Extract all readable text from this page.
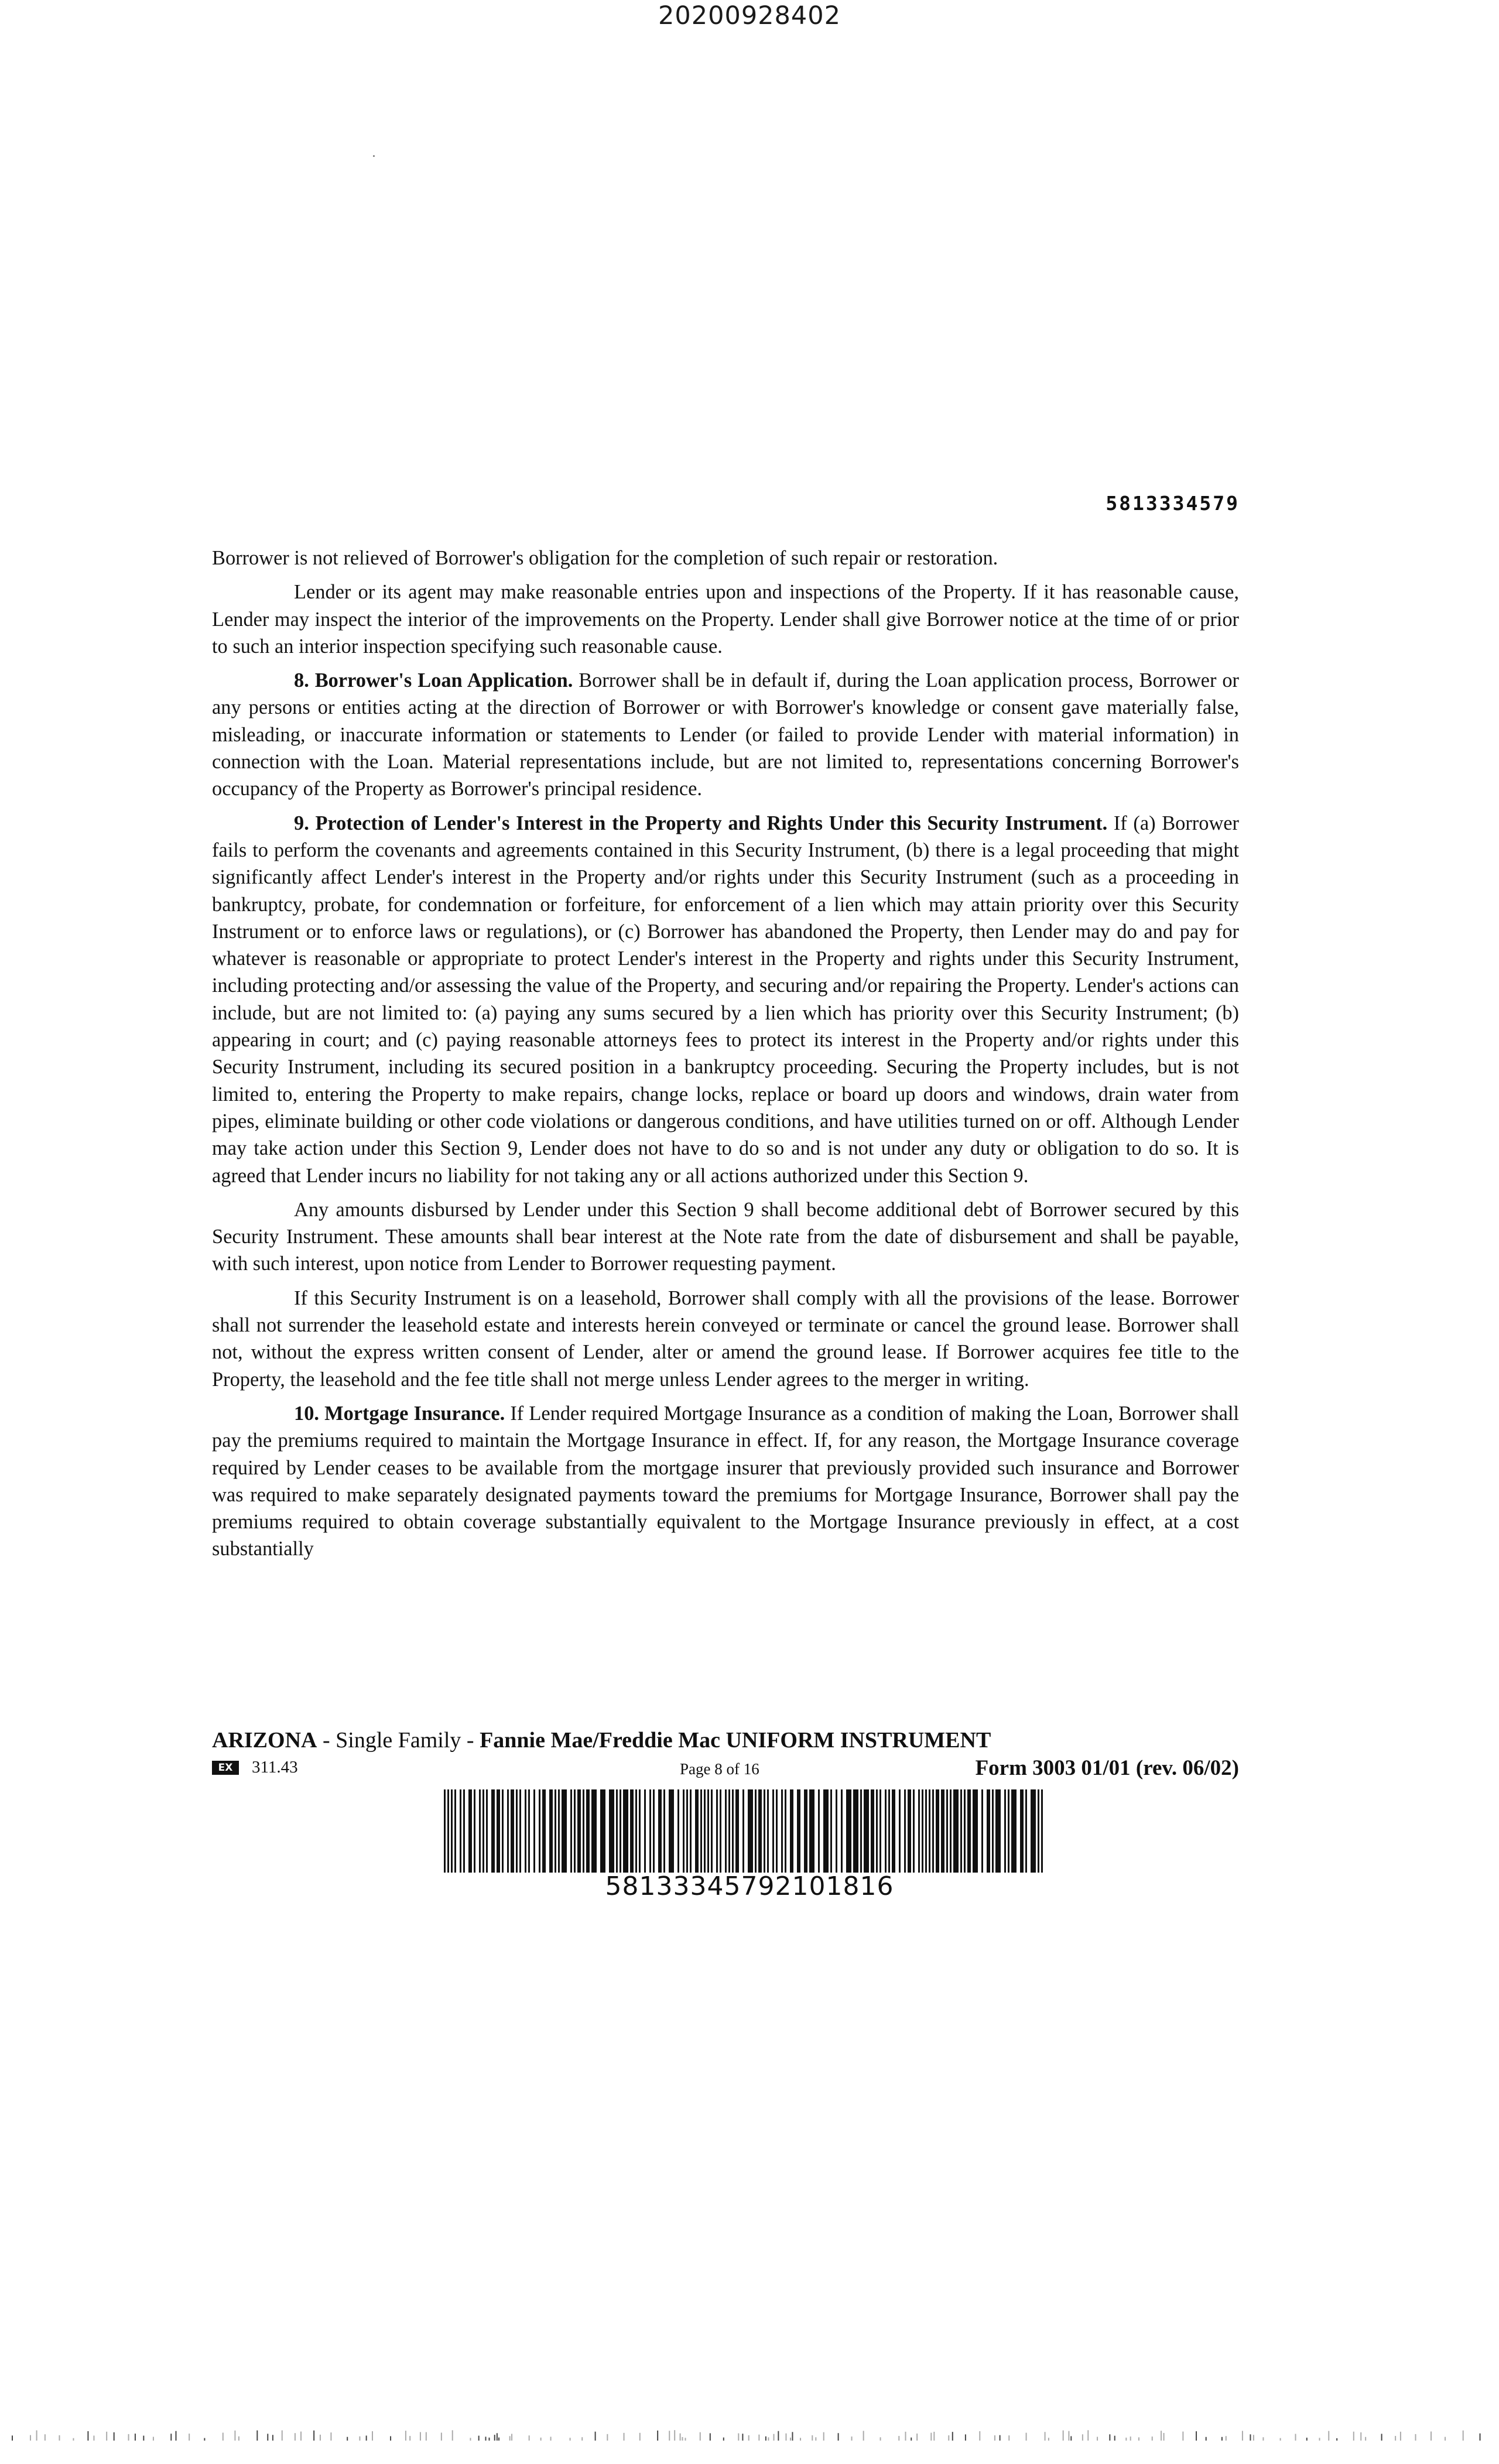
20200928402
5813334579

Borrower is not relieved of Borrower's obligation for the completion of such repair or restoration.

Lender or its agent may make reasonable entries upon and inspections of the Property. If it has reasonable cause, Lender may inspect the interior of the improvements on the Property. Lender shall give Borrower notice at the time of or prior to such an interior inspection specifying such reasonable cause.

8. Borrower's Loan Application. Borrower shall be in default if, during the Loan application process, Borrower or any persons or entities acting at the direction of Borrower or with Borrower's knowledge or consent gave materially false, misleading, or inaccurate information or statements to Lender (or failed to provide Lender with material information) in connection with the Loan. Material representations include, but are not limited to, representations concerning Borrower's occupancy of the Property as Borrower's principal residence.

9. Protection of Lender's Interest in the Property and Rights Under this Security Instrument. If (a) Borrower fails to perform the covenants and agreements contained in this Security Instrument, (b) there is a legal proceeding that might significantly affect Lender's interest in the Property and/or rights under this Security Instrument (such as a proceeding in bankruptcy, probate, for condemnation or forfeiture, for enforcement of a lien which may attain priority over this Security Instrument or to enforce laws or regulations), or (c) Borrower has abandoned the Property, then Lender may do and pay for whatever is reasonable or appropriate to protect Lender's interest in the Property and rights under this Security Instrument, including protecting and/or assessing the value of the Property, and securing and/or repairing the Property. Lender's actions can include, but are not limited to: (a) paying any sums secured by a lien which has priority over this Security Instrument; (b) appearing in court; and (c) paying reasonable attorneys fees to protect its interest in the Property and/or rights under this Security Instrument, including its secured position in a bankruptcy proceeding. Securing the Property includes, but is not limited to, entering the Property to make repairs, change locks, replace or board up doors and windows, drain water from pipes, eliminate building or other code violations or dangerous conditions, and have utilities turned on or off. Although Lender may take action under this Section 9, Lender does not have to do so and is not under any duty or obligation to do so. It is agreed that Lender incurs no liability for not taking any or all actions authorized under this Section 9.

Any amounts disbursed by Lender under this Section 9 shall become additional debt of Borrower secured by this Security Instrument. These amounts shall bear interest at the Note rate from the date of disbursement and shall be payable, with such interest, upon notice from Lender to Borrower requesting payment.

If this Security Instrument is on a leasehold, Borrower shall comply with all the provisions of the lease. Borrower shall not surrender the leasehold estate and interests herein conveyed or terminate or cancel the ground lease. Borrower shall not, without the express written consent of Lender, alter or amend the ground lease. If Borrower acquires fee title to the Property, the leasehold and the fee title shall not merge unless Lender agrees to the merger in writing.

10. Mortgage Insurance. If Lender required Mortgage Insurance as a condition of making the Loan, Borrower shall pay the premiums required to maintain the Mortgage Insurance in effect. If, for any reason, the Mortgage Insurance coverage required by Lender ceases to be available from the mortgage insurer that previously provided such insurance and Borrower was required to make separately designated payments toward the premiums for Mortgage Insurance, Borrower shall pay the premiums required to obtain coverage substantially equivalent to the Mortgage Insurance previously in effect, at a cost substantially

ARIZONA - Single Family - Fannie Mae/Freddie Mac UNIFORM INSTRUMENT
EX	311.43	Page 8 of 16	Form 3003 01/01 (rev. 06/02)
58133345792101816
